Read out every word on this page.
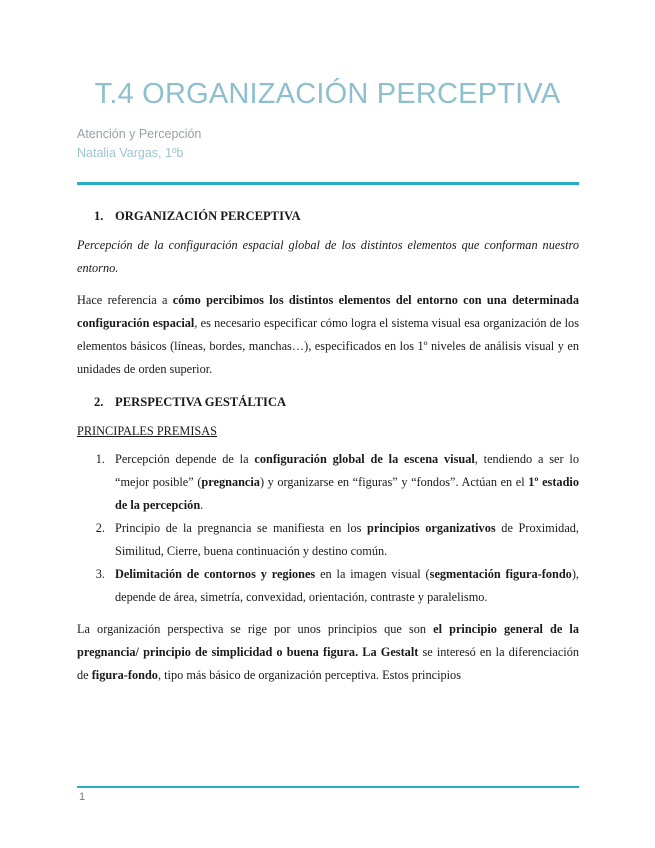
T.4 ORGANIZACIÓN PERCEPTIVA
Atención y Percepción
Natalia Vargas, 1ºb
1. ORGANIZACIÓN PERCEPTIVA

Percepción de la configuración espacial global de los distintos elementos que conforman nuestro entorno.

Hace referencia a cómo percibimos los distintos elementos del entorno con una determinada configuración espacial, es necesario especificar cómo logra el sistema visual esa organización de los elementos básicos (líneas, bordes, manchas…), especificados en los 1º niveles de análisis visual y en unidades de orden superior.

2. PERSPECTIVA GESTÁLTICA
PRINCIPALES PREMISAS
1. Percepción depende de la configuración global de la escena visual, tendiendo a ser lo “mejor posible” (pregnancia) y organizarse en “figuras” y “fondos”. Actúan en el 1º estadio de la percepción.
2. Principio de la pregnancia se manifiesta en los principios organizativos de Proximidad, Similitud, Cierre, buena continuación y destino común.
3. Delimitación de contornos y regiones en la imagen visual (segmentación figura-fondo), depende de área, simetría, convexidad, orientación, contraste y paralelismo.

La organización perspectiva se rige por unos principios que son el principio general de la pregnancia/ principio de simplicidad o buena figura. La Gestalt se interesó en la diferenciación de figura-fondo, tipo más básico de organización perceptiva. Estos principios

1
